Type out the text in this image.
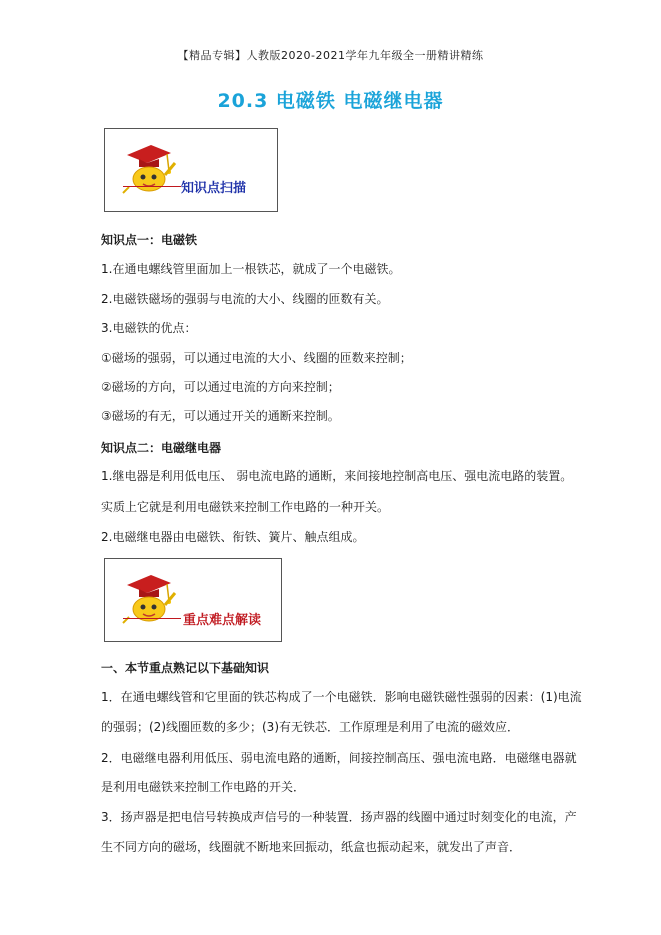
【精品专辑】人教版2020-2021学年九年级全一册精讲精练
20.3 电磁铁 电磁继电器
知识点扫描
知识点一：电磁铁
1.在通电螺线管里面加上一根铁芯，就成了一个电磁铁。
2.电磁铁磁场的强弱与电流的大小、线圈的匝数有关。
3.电磁铁的优点：
①磁场的强弱，可以通过电流的大小、线圈的匝数来控制；
②磁场的方向，可以通过电流的方向来控制；
③磁场的有无，可以通过开关的通断来控制。
知识点二：电磁继电器
1.继电器是利用低电压、 弱电流电路的通断，来间接地控制高电压、强电流电路的装置。
实质上它就是利用电磁铁来控制工作电路的一种开关。
2.电磁继电器由电磁铁、衔铁、簧片、触点组成。
重点难点解读
一、本节重点熟记以下基础知识
1．在通电螺线管和它里面的铁芯构成了一个电磁铁．影响电磁铁磁性强弱的因素：(1)电流
的强弱；(2)线圈匝数的多少；(3)有无铁芯．工作原理是利用了电流的磁效应．
2．电磁继电器利用低压、弱电流电路的通断，间接控制高压、强电流电路．电磁继电器就
是利用电磁铁来控制工作电路的开关．
3．扬声器是把电信号转换成声信号的一种装置．扬声器的线圈中通过时刻变化的电流，产
生不同方向的磁场，线圈就不断地来回振动，纸盒也振动起来，就发出了声音．
